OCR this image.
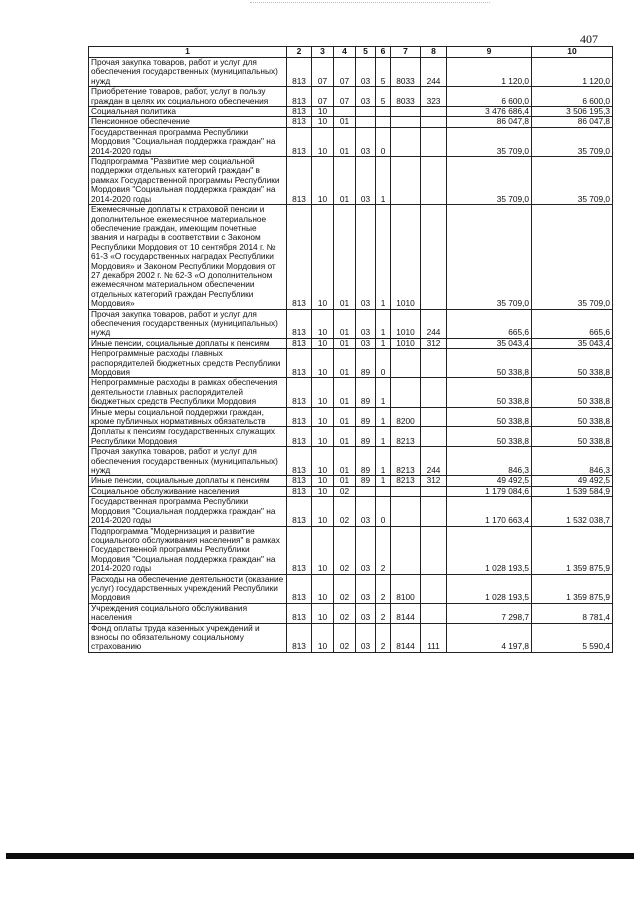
407
1	2	3	4	5	6	7	8	9	10
Прочая закупка товаров, работ и услуг для обеспечения государственных (муниципальных) нужд	813	07	07	03	5	8033	244	1 120,0	1 120,0
Приобретение товаров, работ, услуг в пользу граждан в целях их социального обеспечения	813	07	07	03	5	8033	323	6 600,0	6 600,0
Социальная политика	813	10						3 476 686,4	3 506 195,3
Пенсионное обеспечение	813	10	01					86 047,8	86 047,8
Государственная программа Республики Мордовия "Социальная поддержка граждан" на 2014-2020 годы	813	10	01	03	0			35 709,0	35 709,0
Подпрограмма "Развитие мер социальной поддержки отдельных категорий граждан" в рамках Государственной программы Республики Мордовия "Социальная поддержка граждан" на 2014-2020 годы	813	10	01	03	1			35 709,0	35 709,0
Ежемесячные доплаты к страховой пенсии и дополнительное ежемесячное материальное обеспечение граждан, имеющим почетные звания и награды в соответствии с Законом Республики Мордовия от 10 сентября 2014 г. № 61-З «О государственных наградах Республики Мордовия» и Законом Республики Мордовия от 27 декабря 2002 г. № 62-З «О дополнительном ежемесячном материальном обеспечении отдельных категорий граждан Республики Мордовия»	813	10	01	03	1	1010		35 709,0	35 709,0
Прочая закупка товаров, работ и услуг для обеспечения государственных (муниципальных) нужд	813	10	01	03	1	1010	244	665,6	665,6
Иные пенсии, социальные доплаты к пенсиям	813	10	01	03	1	1010	312	35 043,4	35 043,4
Непрограммные расходы главных распорядителей бюджетных средств Республики Мордовия	813	10	01	89	0			50 338,8	50 338,8
Непрограммные расходы в рамках обеспечения деятельности главных распорядителей бюджетных средств Республики Мордовия	813	10	01	89	1			50 338,8	50 338,8
Иные меры социальной поддержки граждан, кроме публичных нормативных обязательств	813	10	01	89	1	8200		50 338,8	50 338,8
Доплаты к пенсиям государственных служащих Республики Мордовия	813	10	01	89	1	8213		50 338,8	50 338,8
Прочая закупка товаров, работ и услуг для обеспечения государственных (муниципальных) нужд	813	10	01	89	1	8213	244	846,3	846,3
Иные пенсии, социальные доплаты к пенсиям	813	10	01	89	1	8213	312	49 492,5	49 492,5
Социальное обслуживание населения	813	10	02					1 179 084,6	1 539 584,9
Государственная программа Республики Мордовия "Социальная поддержка граждан" на 2014-2020 годы	813	10	02	03	0			1 170 663,4	1 532 038,7
Подпрограмма "Модернизация и развитие социального обслуживания населения" в рамках Государственной программы Республики Мордовия "Социальная поддержка граждан" на 2014-2020 годы	813	10	02	03	2			1 028 193,5	1 359 875,9
Расходы на обеспечение деятельности (оказание услуг) государственных учреждений Республики Мордовия	813	10	02	03	2	8100		1 028 193,5	1 359 875,9
Учреждения социального обслуживания населения	813	10	02	03	2	8144		7 298,7	8 781,4
Фонд оплаты труда казенных учреждений и взносы по обязательному социальному страхованию	813	10	02	03	2	8144	111	4 197,8	5 590,4
